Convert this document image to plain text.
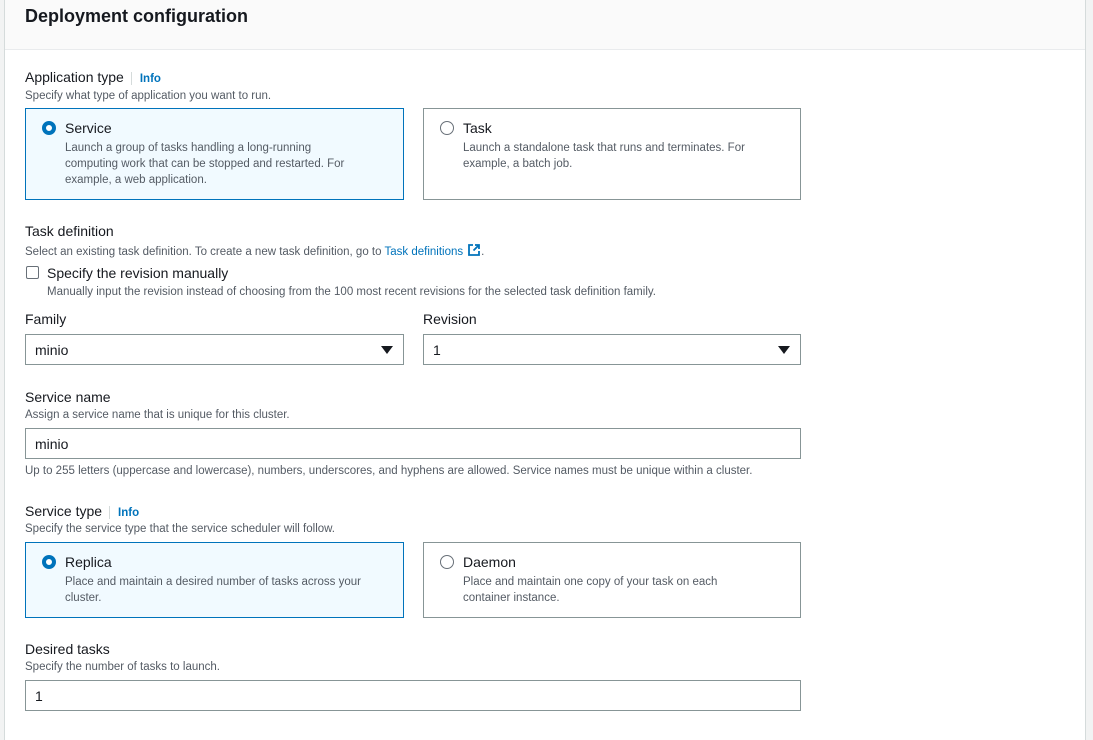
Deployment configuration
Application type Info
Specify what type of application you want to run.
Service
Launch a group of tasks handling a long-running
computing work that can be stopped and restarted. For
example, a web application.
Task
Launch a standalone task that runs and terminates. For
example, a batch job.
Task definition
Select an existing task definition. To create a new task definition, go to Task definitions .
Specify the revision manually
Manually input the revision instead of choosing from the 100 most recent revisions for the selected task definition family.
Family
minio
Revision
1
Service name
Assign a service name that is unique for this cluster.
minio
Up to 255 letters (uppercase and lowercase), numbers, underscores, and hyphens are allowed. Service names must be unique within a cluster.
Service type Info
Specify the service type that the service scheduler will follow.
Replica
Place and maintain a desired number of tasks across your
cluster.
Daemon
Place and maintain one copy of your task on each
container instance.
Desired tasks
Specify the number of tasks to launch.
1
